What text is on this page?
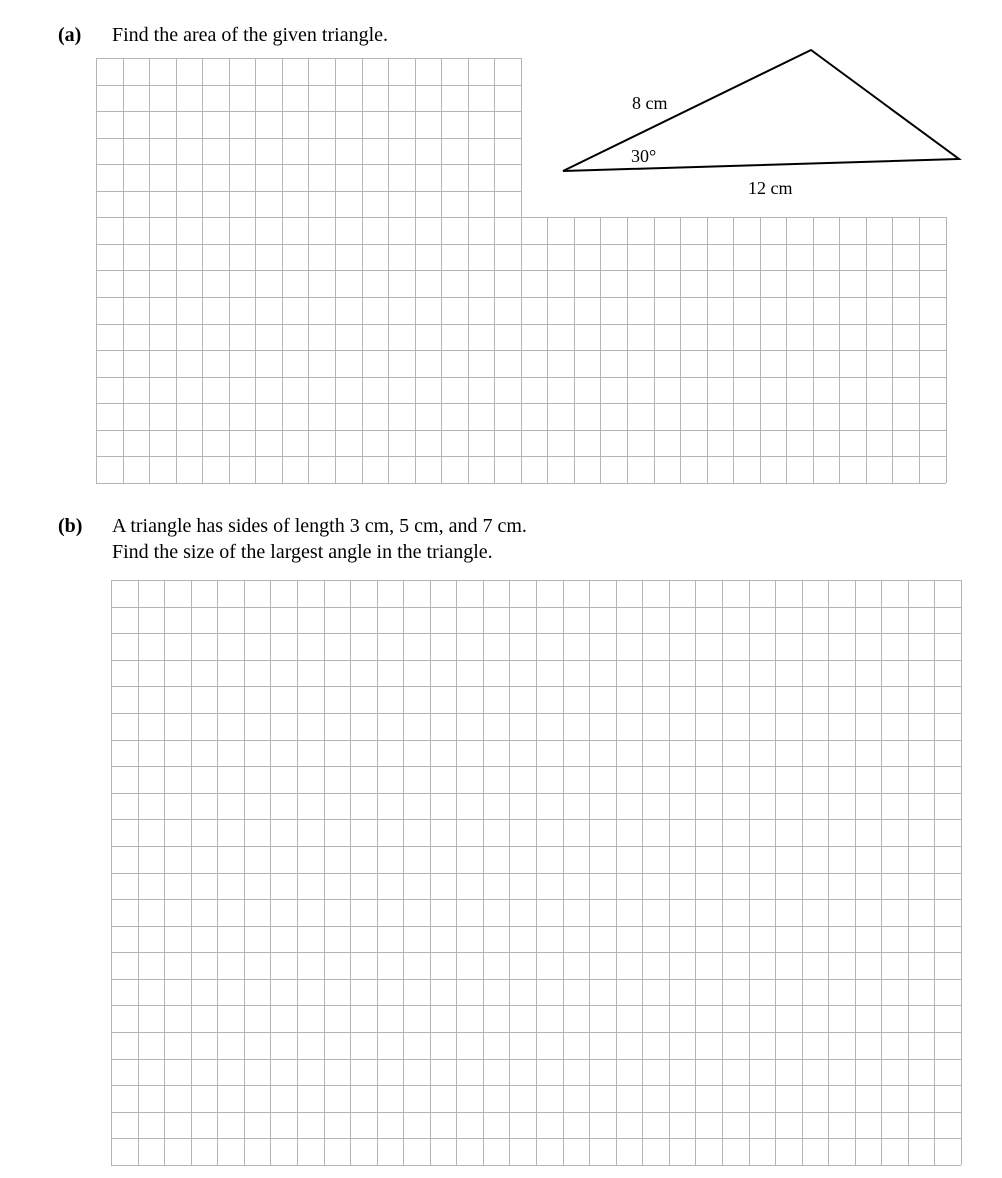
(a) Find the area of the given triangle.
8 cm
30°
12 cm
(b) A triangle has sides of length 3 cm, 5 cm, and 7 cm.
Find the size of the largest angle in the triangle.
